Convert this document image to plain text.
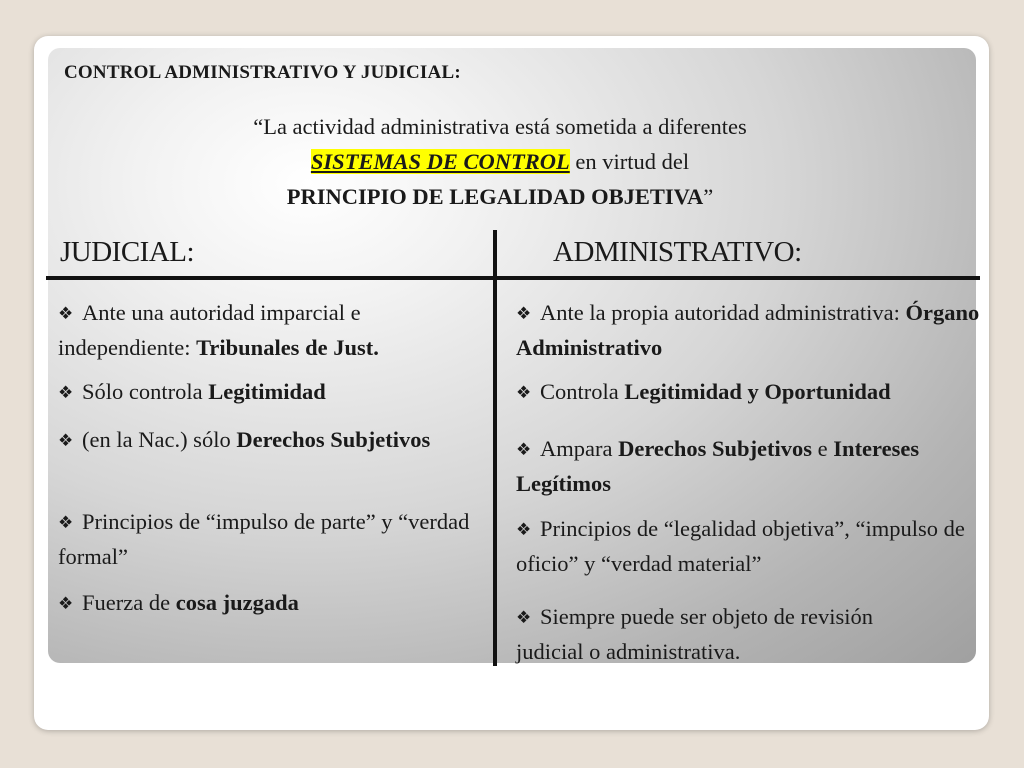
CONTROL ADMINISTRATIVO Y JUDICIAL:
“La actividad administrativa está sometida a diferentes
SISTEMAS DE CONTROL en virtud del
PRINCIPIO DE LEGALIDAD OBJETIVA”
JUDICIAL:	ADMINISTRATIVO:
❖ Ante una autoridad imparcial e independiente: Tribunales de Just.
❖ Sólo controla Legitimidad
❖ (en la Nac.) sólo Derechos Subjetivos
❖ Principios de “impulso de parte” y “verdad formal”
❖ Fuerza de cosa juzgada
❖ Ante la propia autoridad administrativa: Órgano Administrativo
❖ Controla Legitimidad y Oportunidad
❖ Ampara Derechos Subjetivos e Intereses Legítimos
❖ Principios de “legalidad objetiva”, “impulso de oficio” y “verdad material”
❖ Siempre puede ser objeto de revisión judicial o administrativa.
